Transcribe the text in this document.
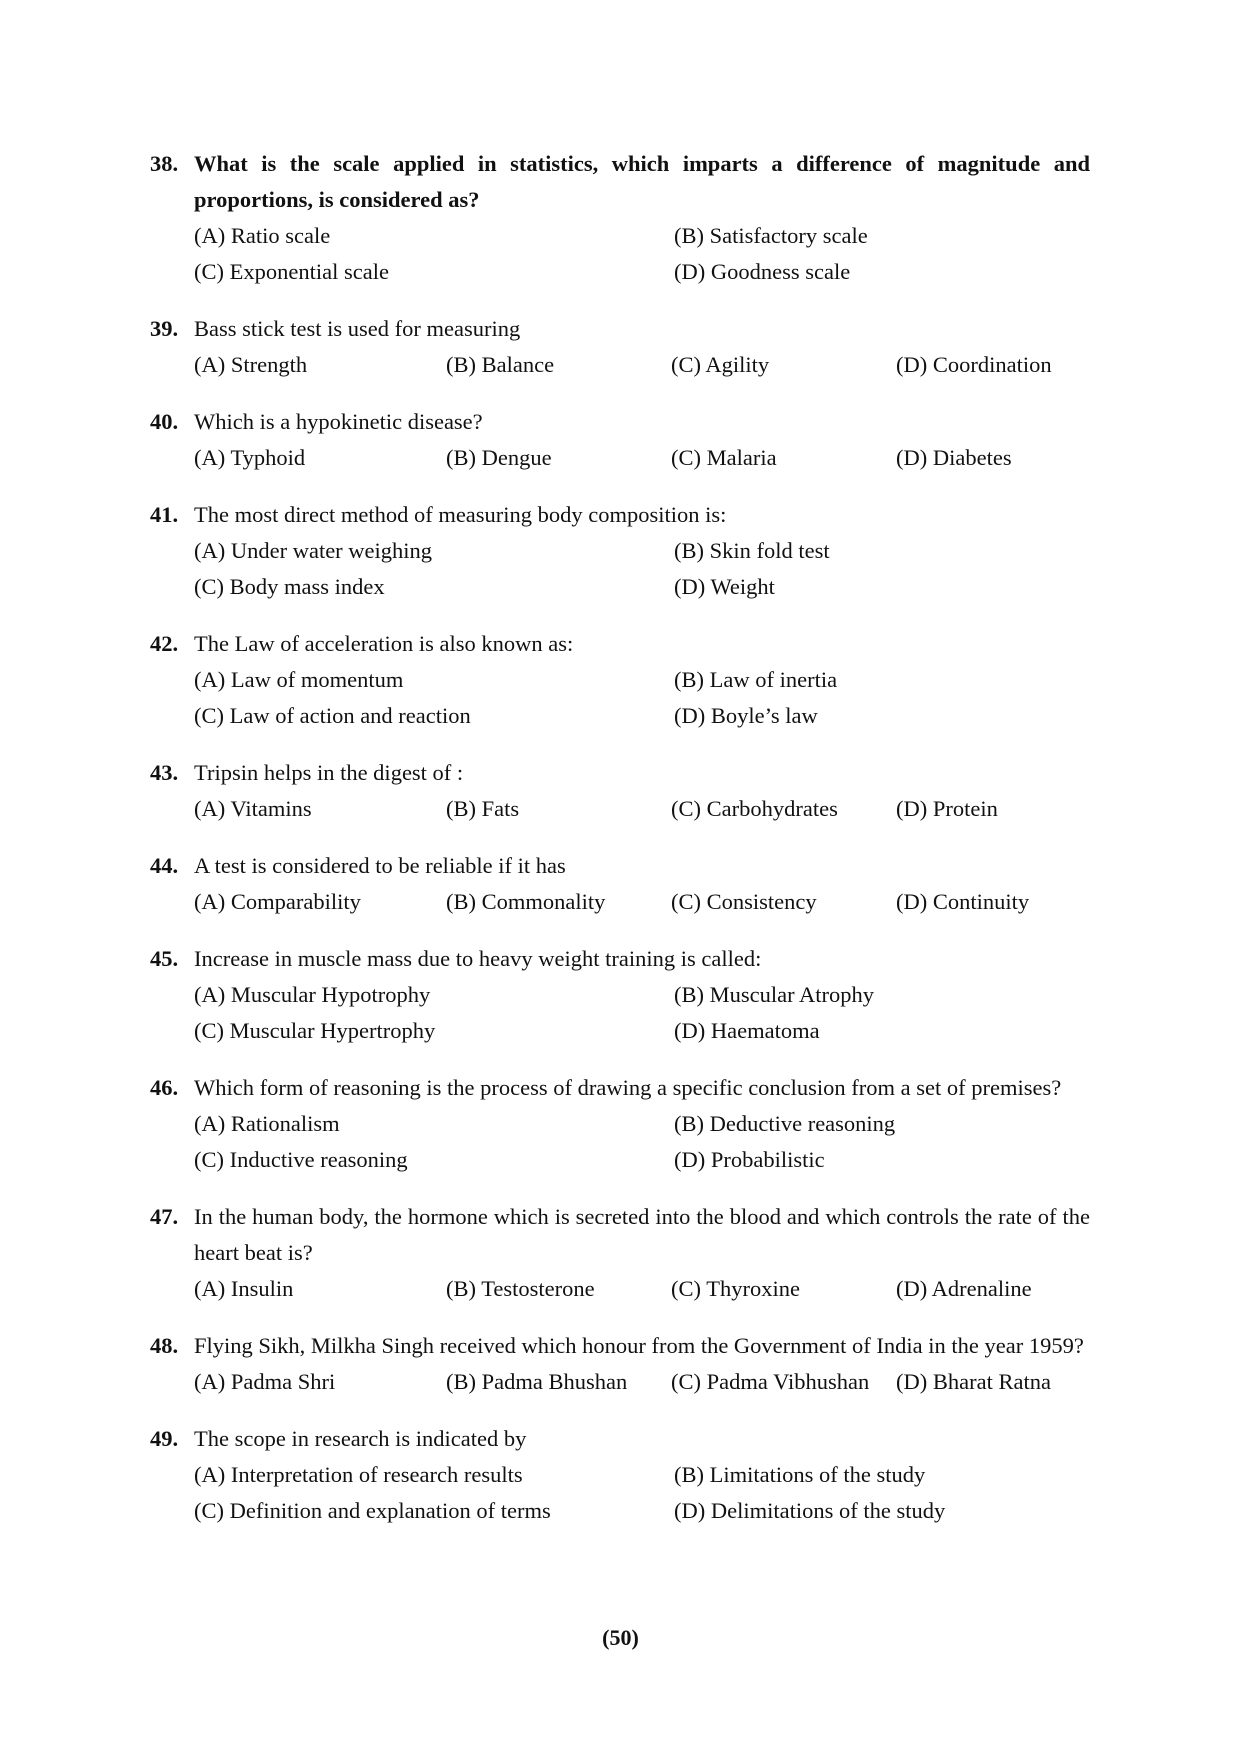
38. What is the scale applied in statistics, which imparts a difference of magnitude and proportions, is considered as?
(A) Ratio scale	(B) Satisfactory scale
(C) Exponential scale	(D) Goodness scale
39. Bass stick test is used for measuring
(A) Strength	(B) Balance	(C) Agility	(D) Coordination
40. Which is a hypokinetic disease?
(A) Typhoid	(B) Dengue	(C) Malaria	(D) Diabetes
41. The most direct method of measuring body composition is:
(A) Under water weighing	(B) Skin fold test
(C) Body mass index	(D) Weight
42. The Law of acceleration is also known as:
(A) Law of momentum	(B) Law of inertia
(C) Law of action and reaction	(D) Boyle’s law
43. Tripsin helps in the digest of :
(A) Vitamins	(B) Fats	(C) Carbohydrates	(D) Protein
44. A test is considered to be reliable if it has
(A) Comparability	(B) Commonality	(C) Consistency	(D) Continuity
45. Increase in muscle mass due to heavy weight training is called:
(A) Muscular Hypotrophy	(B) Muscular Atrophy
(C) Muscular Hypertrophy	(D) Haematoma
46. Which form of reasoning is the process of drawing a specific conclusion from a set of premises?
(A) Rationalism	(B) Deductive reasoning
(C) Inductive reasoning	(D) Probabilistic
47. In the human body, the hormone which is secreted into the blood and which controls the rate of the heart beat is?
(A) Insulin	(B) Testosterone	(C) Thyroxine	(D) Adrenaline
48. Flying Sikh, Milkha Singh received which honour from the Government of India in the year 1959?
(A) Padma Shri	(B) Padma Bhushan	(C) Padma Vibhushan	(D) Bharat Ratna
49. The scope in research is indicated by
(A) Interpretation of research results	(B) Limitations of the study
(C) Definition and explanation of terms	(D) Delimitations of the study
(50)
